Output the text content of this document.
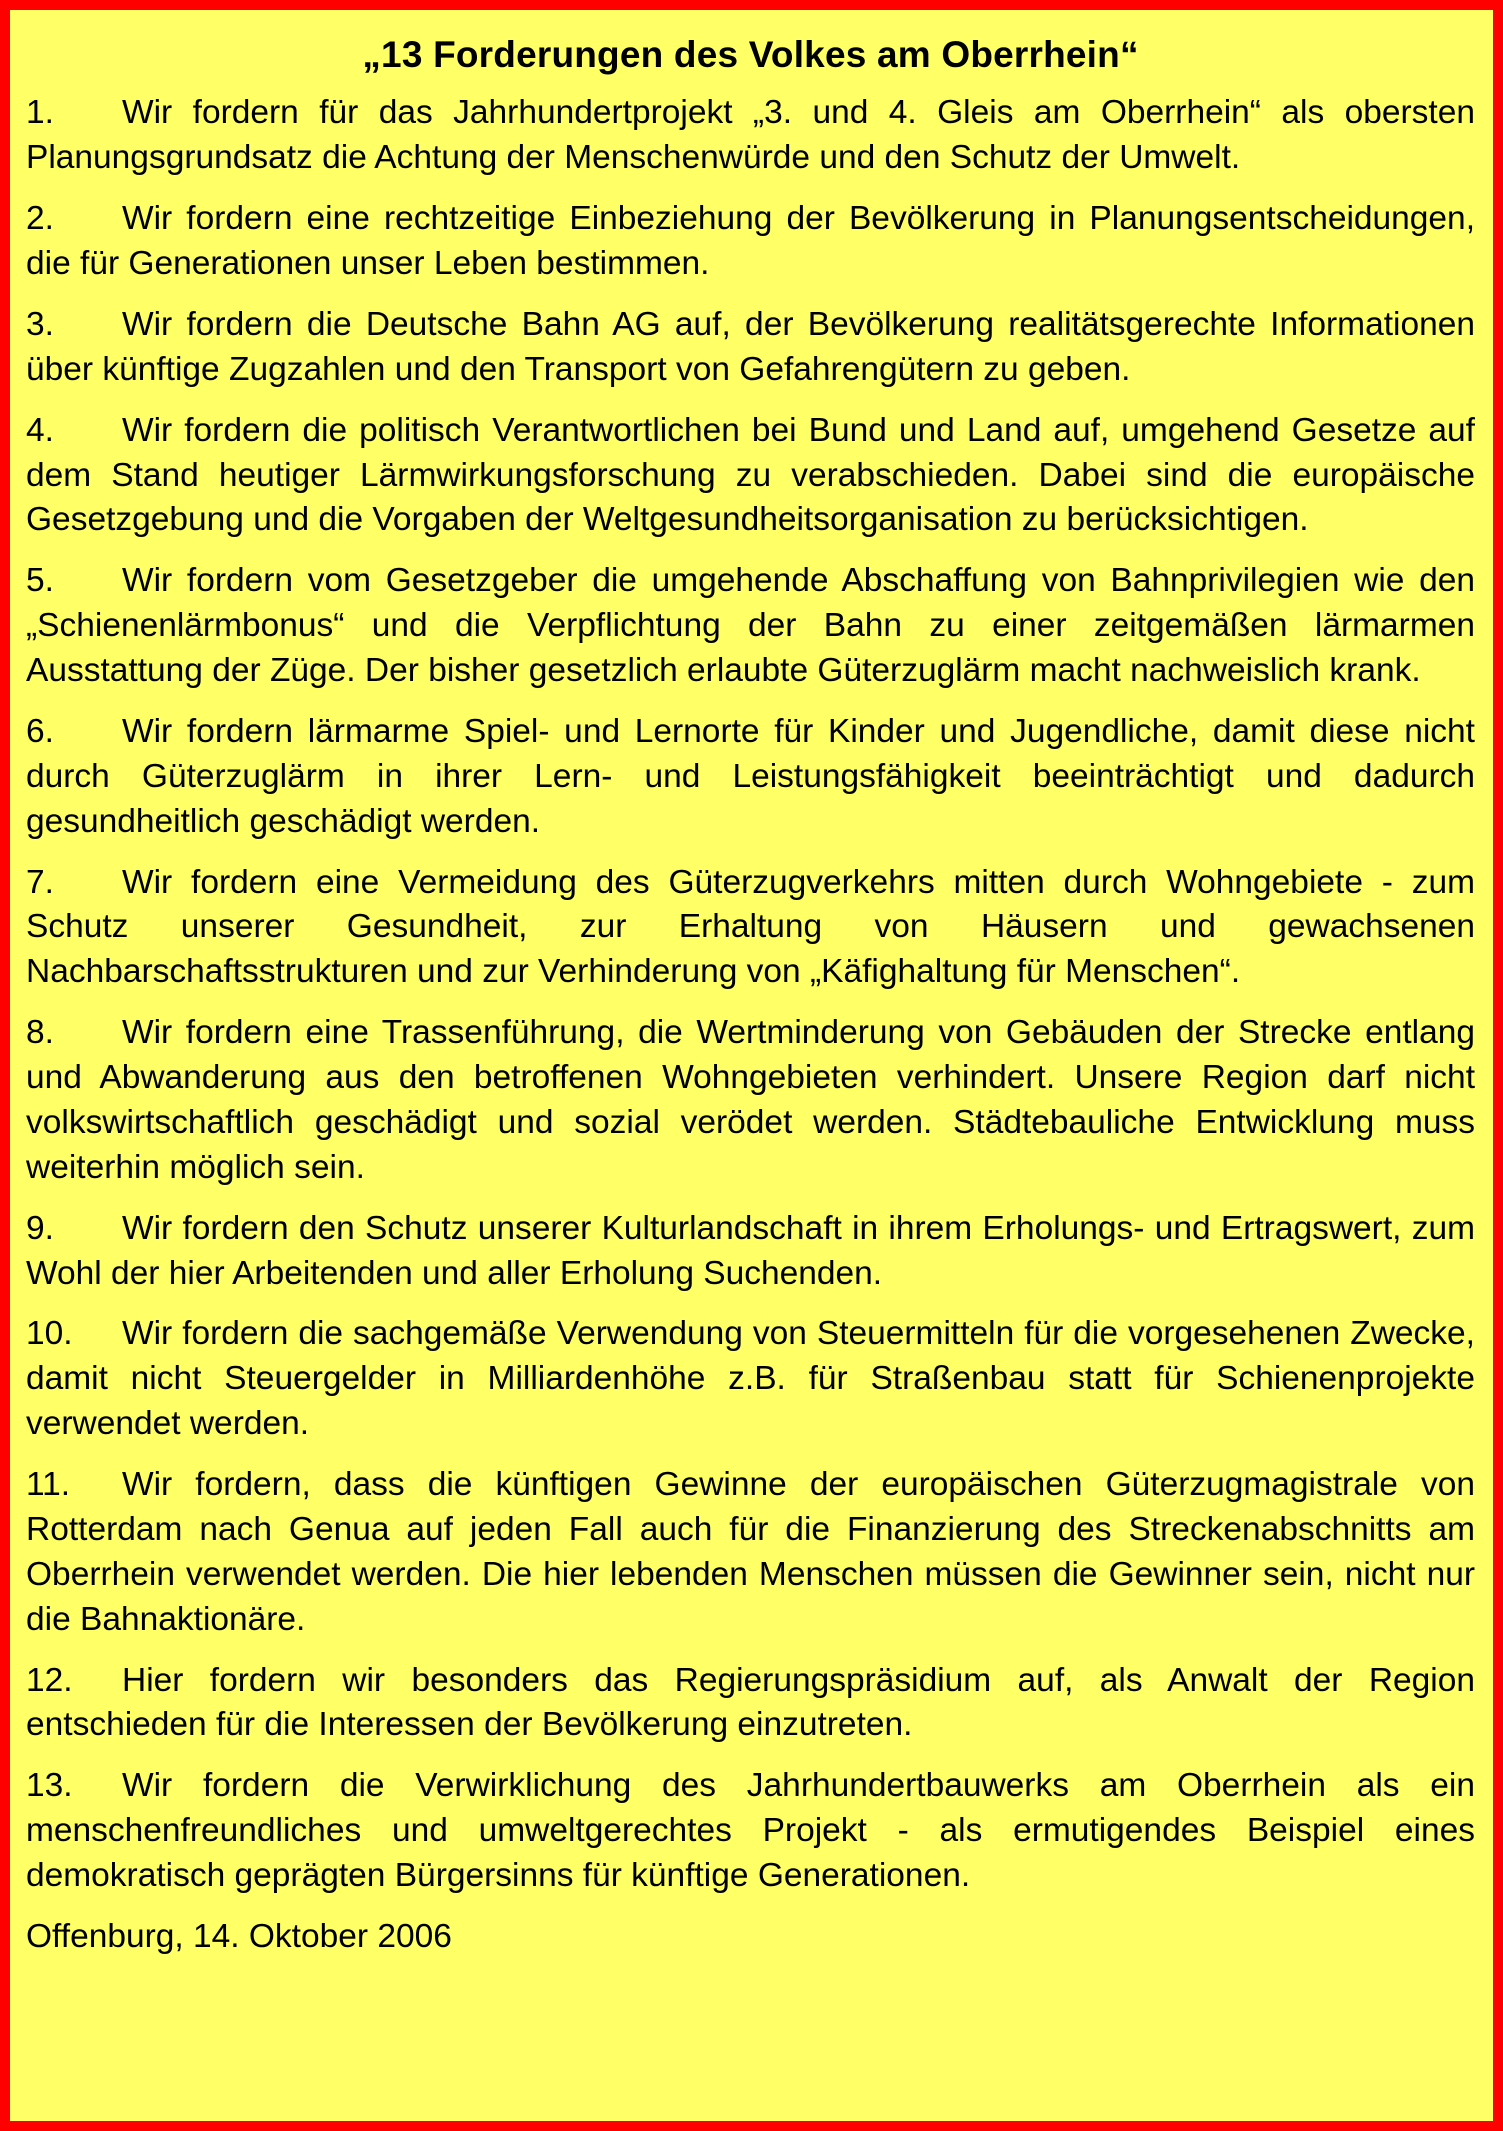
„13 Forderungen des Volkes am Oberrhein“
1. Wir fordern für das Jahrhundertprojekt „3. und 4. Gleis am Oberrhein“ als obersten Planungsgrundsatz die Achtung der Menschenwürde und den Schutz der Umwelt.
2. Wir fordern eine rechtzeitige Einbeziehung der Bevölkerung in Planungsentscheidungen, die für Generationen unser Leben bestimmen.
3. Wir fordern die Deutsche Bahn AG auf, der Bevölkerung realitätsgerechte Informationen über künftige Zugzahlen und den Transport von Gefahrengütern zu geben.
4. Wir fordern die politisch Verantwortlichen bei Bund und Land auf, umgehend Gesetze auf dem Stand heutiger Lärmwirkungsforschung zu verabschieden. Dabei sind die europäische Gesetzgebung und die Vorgaben der Weltgesundheitsorganisation zu berücksichtigen.
5. Wir fordern vom Gesetzgeber die umgehende Abschaffung von Bahnprivilegien wie den „Schienenlärmbonus“ und die Verpflichtung der Bahn zu einer zeitgemäßen lärmarmen Ausstattung der Züge. Der bisher gesetzlich erlaubte Güterzuglärm macht nachweislich krank.
6. Wir fordern lärmarme Spiel- und Lernorte für Kinder und Jugendliche, damit diese nicht durch Güterzuglärm in ihrer Lern- und Leistungsfähigkeit beeinträchtigt und dadurch gesundheitlich geschädigt werden.
7. Wir fordern eine Vermeidung des Güterzugverkehrs mitten durch Wohngebiete - zum Schutz unserer Gesundheit, zur Erhaltung von Häusern und gewachsenen Nachbarschaftsstrukturen und zur Verhinderung von „Käfighaltung für Menschen“.
8. Wir fordern eine Trassenführung, die Wertminderung von Gebäuden der Strecke entlang und Abwanderung aus den betroffenen Wohngebieten verhindert. Unsere Region darf nicht volkswirtschaftlich geschädigt und sozial verödet werden. Städtebauliche Entwicklung muss weiterhin möglich sein.
9. Wir fordern den Schutz unserer Kulturlandschaft in ihrem Erholungs- und Ertragswert, zum Wohl der hier Arbeitenden und aller Erholung Suchenden.
10. Wir fordern die sachgemäße Verwendung von Steuermitteln für die vorgesehenen Zwecke, damit nicht Steuergelder in Milliardenhöhe z.B. für Straßenbau statt für Schienenprojekte verwendet werden.
11. Wir fordern, dass die künftigen Gewinne der europäischen Güterzugmagistrale von Rotterdam nach Genua auf jeden Fall auch für die Finanzierung des Streckenabschnitts am Oberrhein verwendet werden. Die hier lebenden Menschen müssen die Gewinner sein, nicht nur die Bahnaktionäre.
12. Hier fordern wir besonders das Regierungspräsidium auf, als Anwalt der Region entschieden für die Interessen der Bevölkerung einzutreten.
13. Wir fordern die Verwirklichung des Jahrhundertbauwerks am Oberrhein als ein menschenfreundliches und umweltgerechtes Projekt - als ermutigendes Beispiel eines demokratisch geprägten Bürgersinns für künftige Generationen.

Offenburg, 14. Oktober 2006
